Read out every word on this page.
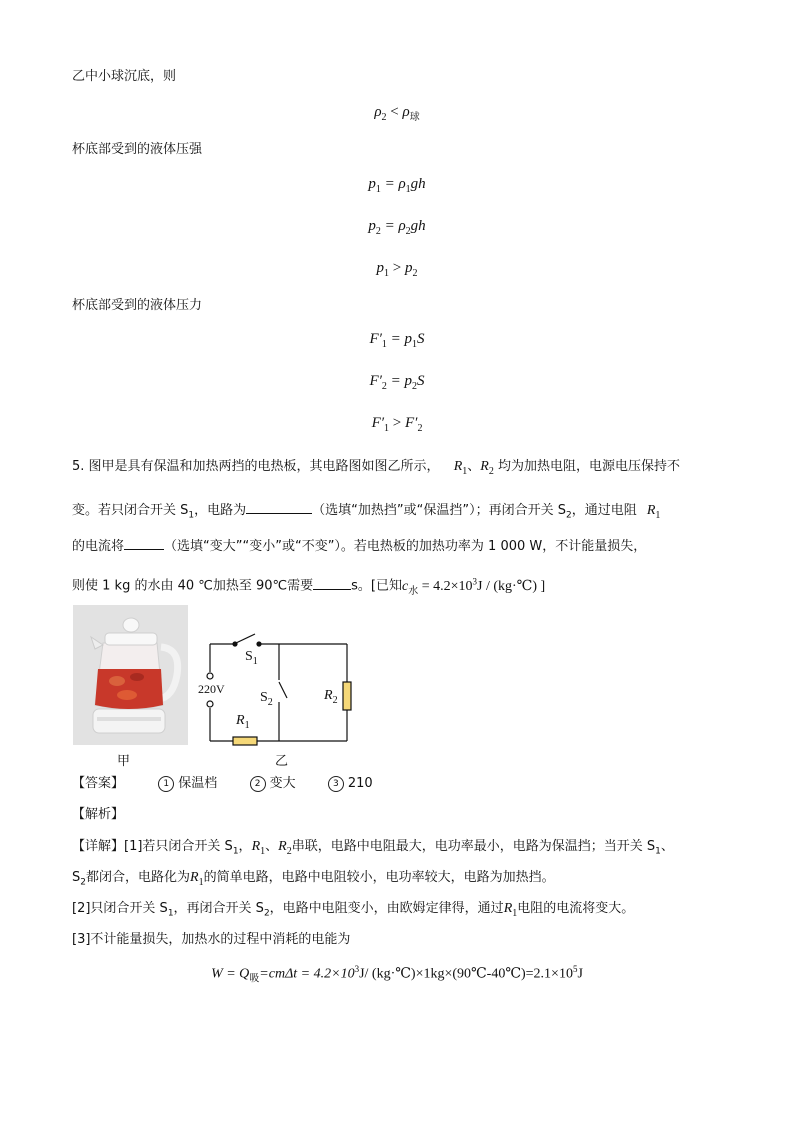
乙中小球沉底，则
$\rho_2 < \rho_球$
杯底部受到的液体压强
$p_1 = \rho_1gh$
$p_2 = \rho_2gh$
$p_1 > p_2$
杯底部受到的液体压力
$F'_1 = p_1S$
$F'_2 = p_2S$
$F'_1 > F'_2$
5. 图甲是具有保温和加热两挡的电热板，其电路图如图乙所示， $R_1$、$R_2$ 均为加热电阻，电源电压保持不
变。若只闭合开关 $S_1$，电路为	（选填“加热挡”或“保温挡”）；再闭合开关 $S_2$，通过电阻 $R_1$
的电流将	（选填“变大”“变小”或“不变”）。若电热板的加热功率为 1 000 W，不计能量损失，
则使 1 kg 的水由 40 ℃加热至 90℃需要	s。[已知$c_水 = 4.2\times 10^3J$ / (kg·℃) ]
甲
220V
$S_1$
$S_2$
$R_1$
$R_2$
乙
【答案】	1 保温档	2 变大	3 210
【解析】
【详解】[1]若只闭合开关 $S_1$，$R_1$、$R_2$串联，电路中电阻最大，电功率最小，电路为保温挡；当开关 $S_1$、
$S_2$都闭合，电路化为$R_1$的简单电路，电路中电阻较小，电功率较大，电路为加热挡。
[2]只闭合开关 $S_1$，再闭合开关 $S_2$，电路中电阻变小，由欧姆定律得，通过$R_1$电阻的电流将变大。
[3]不计能量损失，加热水的过程中消耗的电能为
$W = Q_吸=cm\Delta t = 4.2\times 10^3J/$ $(kg\cdot℃)\times 1kg\times(90℃-40℃)=2.1\times 10^5J$
